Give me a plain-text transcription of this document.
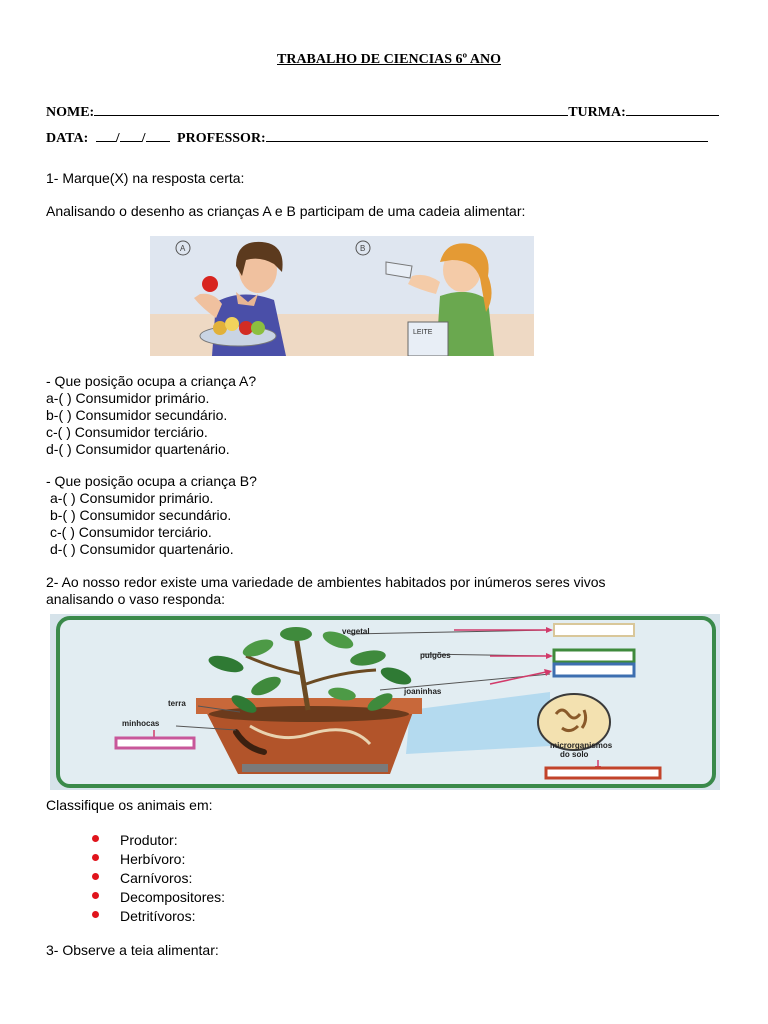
TRABALHO DE CIENCIAS 6º ANO
NOME:	TURMA:
DATA: / / PROFESSOR:
1- Marque(X) na resposta certa:
Analisando o desenho as crianças A e B participam de uma cadeia alimentar:
A
LEITE
B
- Que posição ocupa a criança A?
a-( ) Consumidor primário.
b-( ) Consumidor secundário.
c-( ) Consumidor terciário.
d-( ) Consumidor quartenário.
- Que posição ocupa a criança B?
a-( ) Consumidor primário.
b-( ) Consumidor secundário.
c-( ) Consumidor terciário.
d-( ) Consumidor quartenário.
2- Ao nosso redor existe uma variedade de ambientes habitados por inúmeros seres vivos
analisando o vaso responda:
vegetal
pulgões
joaninhas
terra
minhocas
microrganismos
do solo
Classifique os animais em:
Produtor:
Herbívoro:
Carnívoros:
Decompositores:
Detritívoros:
3- Observe a teia alimentar:
